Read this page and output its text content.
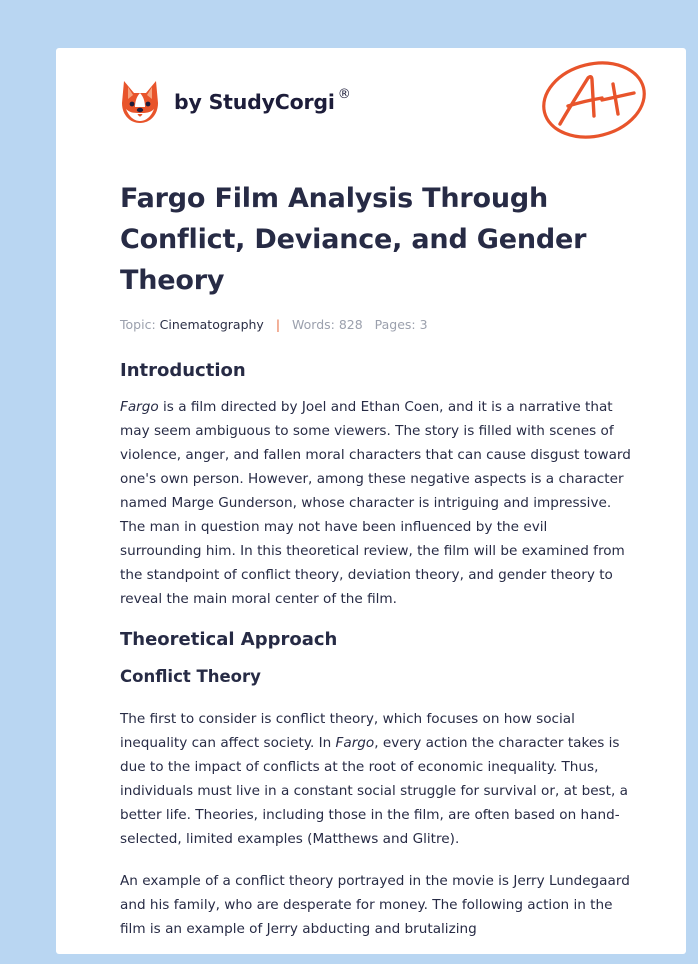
by StudyCorgi ®
Fargo Film Analysis Through Conflict, Deviance, and Gender Theory
Topic: Cinematography | Words: 828 Pages: 3
Introduction

Fargo is a film directed by Joel and Ethan Coen, and it is a narrative that may seem ambiguous to some viewers. The story is filled with scenes of violence, anger, and fallen moral characters that can cause disgust toward one's own person. However, among these negative aspects is a character named Marge Gunderson, whose character is intriguing and impressive. The man in question may not have been influenced by the evil surrounding him. In this theoretical review, the film will be examined from the standpoint of conflict theory, deviation theory, and gender theory to reveal the main moral center of the film.

Theoretical Approach
Conflict Theory

The first to consider is conflict theory, which focuses on how social inequality can affect society. In Fargo, every action the character takes is due to the impact of conflicts at the root of economic inequality. Thus, individuals must live in a constant social struggle for survival or, at best, a better life. Theories, including those in the film, are often based on hand-selected, limited examples (Matthews and Glitre).

An example of a conflict theory portrayed in the movie is Jerry Lundegaard and his family, who are desperate for money. The following action in the film is an example of Jerry abducting and brutalizing
